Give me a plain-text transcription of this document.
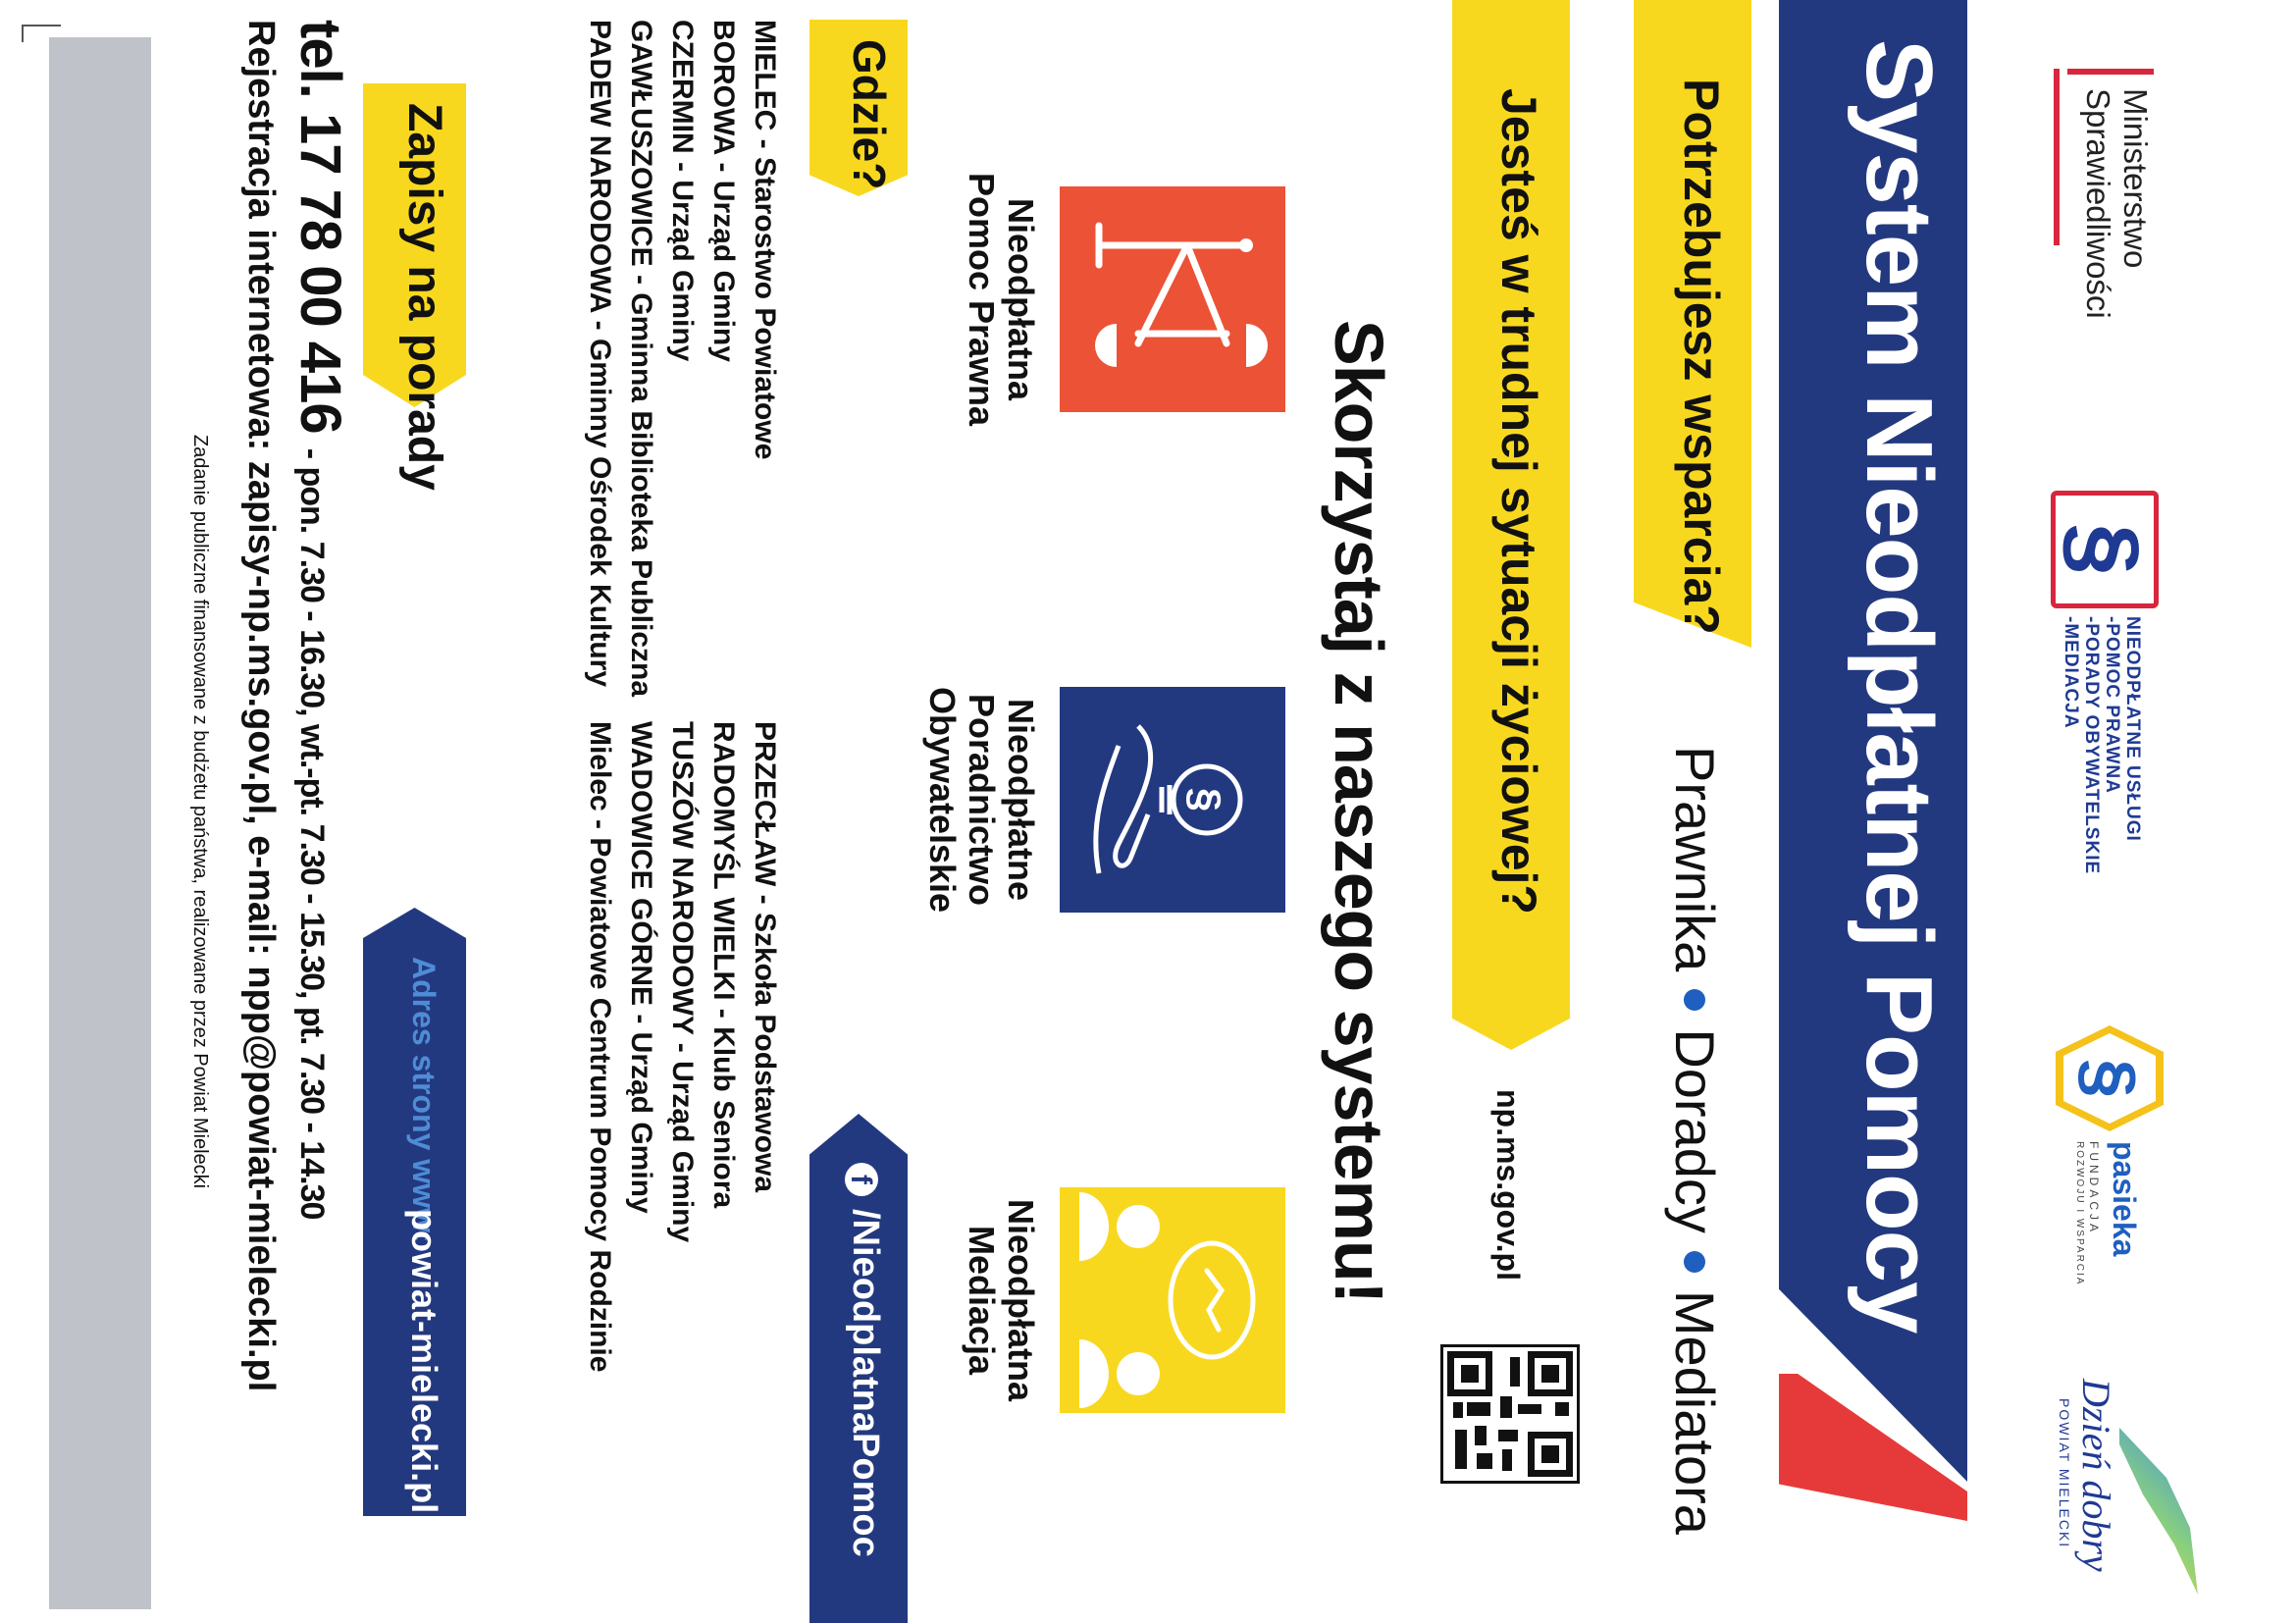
Ministerstwo
Sprawiedliwości
§
NIEODPŁATNE USŁUGI
-POMOC PRAWNA
-PORADY OBYWATELSKIE
-MEDIACJA
§
pasieka
FUNDACJA
ROZWOJU I WSPARCIA
Dzień dobry
POWIAT MIELECKI
System Nieodpłatnej Pomocy
Potrzebujesz wsparcia?
PrawnikaDoradcyMediatora
Jesteś w trudnej sytuacji życiowej?
np.ms.gov.pl
Skorzystaj z naszego systemu!
§
Nieodpłatna
Pomoc Prawna
Nieodpłatne
Poradnictwo Obywatelskie
Nieodpłatna
Mediacja
Gdzie?
f
/NieodplatnaPomoc
MIELEC - Starostwo Powiatowe
BOROWA - Urząd Gminy
CZERMIN - Urząd Gminy
GAWŁUSZOWICE - Gminna Biblioteka Publiczna
PADEW NARODOWA - Gminny Ośrodek Kultury
PRZECŁAW - Szkoła Podstawowa
RADOMYŚL WIELKI - Klub Seniora
TUSZÓW NARODOWY - Urząd Gminy
WADOWICE GÓRNE - Urząd Gminy
Mielec - Powiatowe Centrum Pomocy Rodzinie
Zapisy na porady
Adres strony www:
powiat-mielecki.pl
tel. 17 78 00 416 - pon. 7.30 - 16.30, wt.-pt. 7.30 - 15.30, pt. 7.30 - 14.30
Rejestracja internetowa: zapisy-np.ms.gov.pl, e-mail: npp@powiat-mielecki.pl
Zadanie publiczne finansowane z budżetu państwa, realizowane przez Powiat Mielecki
